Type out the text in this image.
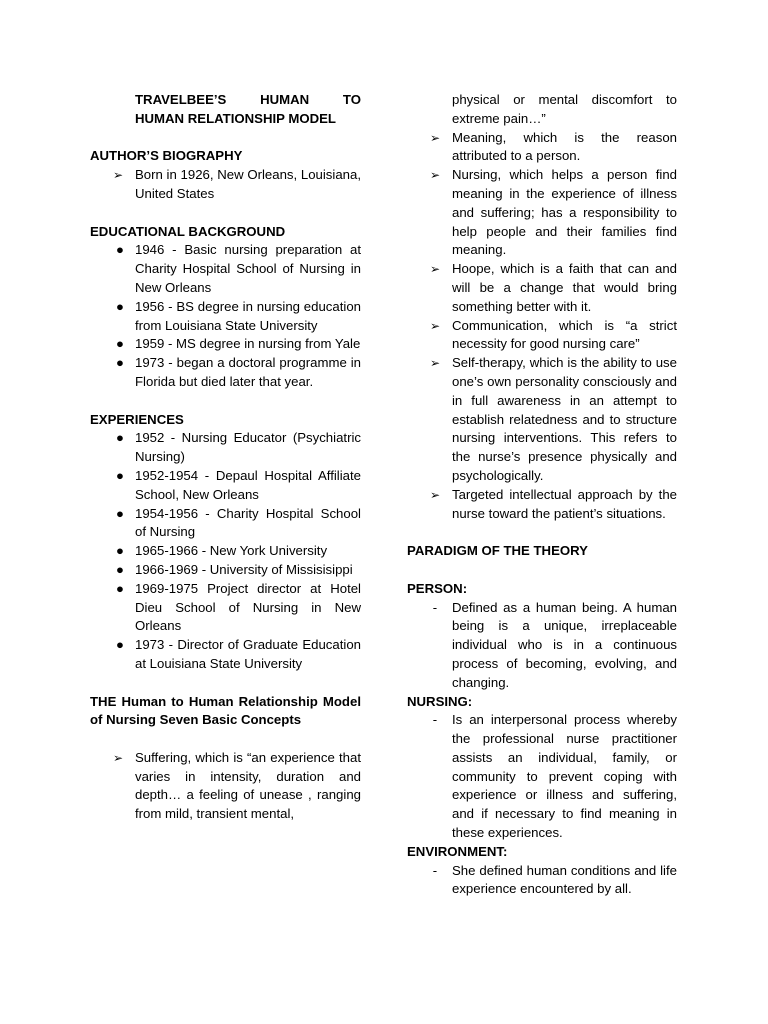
TRAVELBEE’S HUMAN TO
HUMAN RELATIONSHIP MODEL
AUTHOR’S BIOGRAPHY
➢ Born in 1926, New Orleans, Louisiana, United States
EDUCATIONAL BACKGROUND
● 1946 - Basic nursing preparation at Charity Hospital School of Nursing in New Orleans
● 1956 - BS degree in nursing education from Louisiana State University
● 1959 - MS degree in nursing from Yale
● 1973 - began a doctoral programme in Florida but died later that year.
EXPERIENCES
● 1952 - Nursing Educator (Psychiatric Nursing)
● 1952-1954 - Depaul Hospital Affiliate School, New Orleans
● 1954-1956 - Charity Hospital School of Nursing
● 1965-1966 - New York University
● 1966-1969 - University of Missisisippi
● 1969-1975 Project director at Hotel Dieu School of Nursing in New Orleans
● 1973 - Director of Graduate Education at Louisiana State University
THE Human to Human Relationship Model of Nursing Seven Basic Concepts
➢ Suffering, which is “an experience that varies in intensity, duration and depth… a feeling of unease , ranging from mild, transient mental,
physical or mental discomfort to extreme pain…”
➢ Meaning, which is the reason attributed to a person.
➢ Nursing, which helps a person find meaning in the experience of illness and suffering; has a responsibility to help people and their families find meaning.
➢ Hoope, which is a faith that can and will be a change that would bring something better with it.
➢ Communication, which is “a strict necessity for good nursing care”
➢ Self-therapy, which is the ability to use one’s own personality consciously and in full awareness in an attempt to establish relatedness and to structure nursing interventions. This refers to the nurse’s presence physically and psychologically.
➢ Targeted intellectual approach by the nurse toward the patient’s situations.
PARADIGM OF THE THEORY
PERSON:
-	Defined as a human being. A human being is a unique, irreplaceable individual who is in a continuous process of becoming, evolving, and changing.
NURSING:
-	Is an interpersonal process whereby the professional nurse practitioner assists an individual, family, or community to prevent coping with experience or illness and suffering, and if necessary to find meaning in these experiences.
ENVIRONMENT:
-	She defined human conditions and life experience encountered by all.
